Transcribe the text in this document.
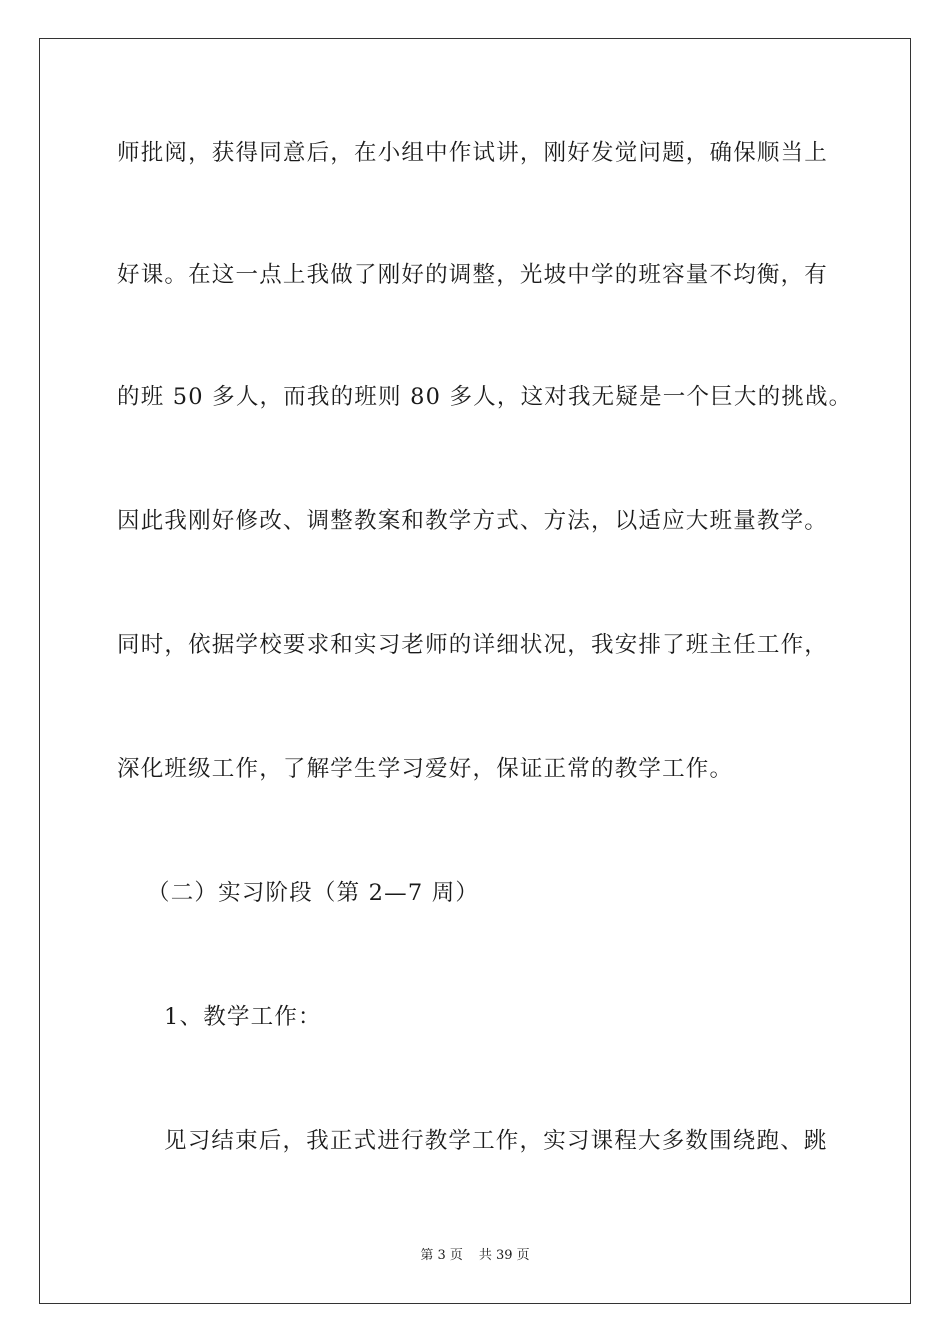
师批阅，获得同意后，在小组中作试讲，刚好发觉问题，确保顺当上
好课。在这一点上我做了刚好的调整，光坡中学的班容量不均衡，有
的班 50 多人，而我的班则 80 多人，这对我无疑是一个巨大的挑战。
因此我刚好修改、调整教案和教学方式、方法，以适应大班量教学。
同时，依据学校要求和实习老师的详细状况，我安排了班主任工作，
深化班级工作，了解学生学习爱好，保证正常的教学工作。
（二）实习阶段（第 2—7 周）
1、教学工作：
见习结束后，我正式进行教学工作，实习课程大多数围绕跑、跳
第 3 页 共 39 页
